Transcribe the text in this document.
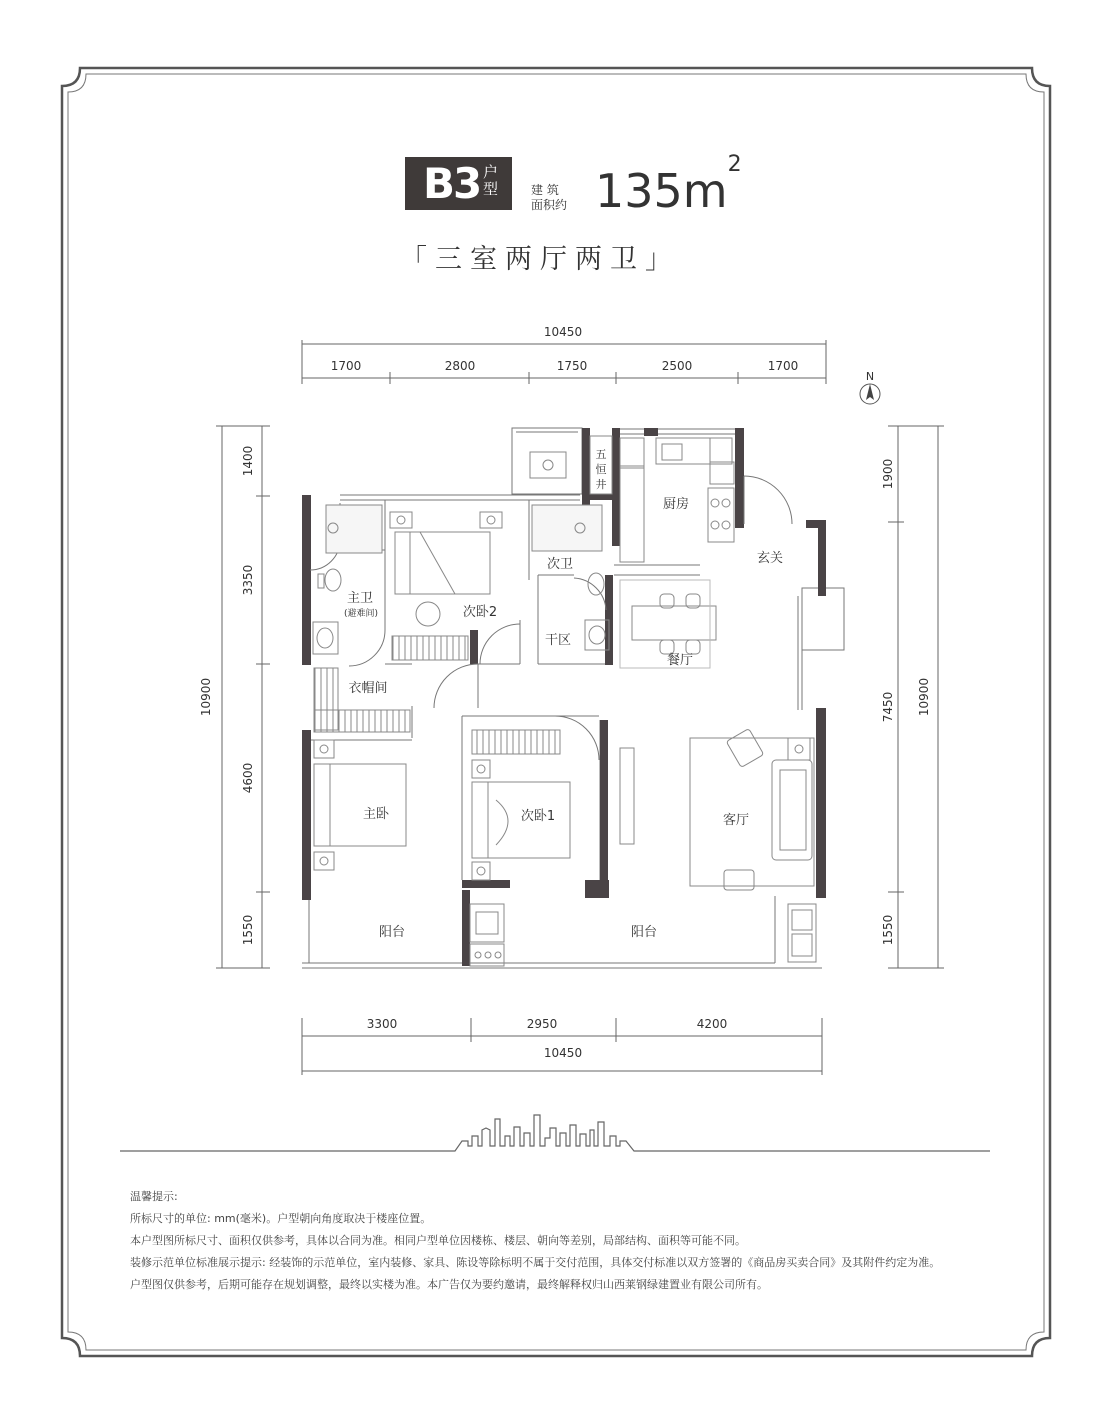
B3 户型	建 筑
面积约 $135m^2$
「三室两厅两卫」
10450
1700	2800	1750	2500	1700
3300	2950	4200
10450
1400
3350
4600
1550
10900
1900
7450
1550
10900
N
厨房
玄关
餐厅
客厅
主卫
(避难间)
次卫
次卧2
干区
衣帽间
主卧	次卧1
阳台	阳台
五
恒
井
温馨提示:
所标尺寸的单位: mm(毫米)。户型朝向角度取决于楼座位置。
本户型图所标尺寸、面积仅供参考，具体以合同为准。相同户型单位因楼栋、楼层、朝向等差别，局部结构、面积等可能不同。
装修示范单位标准展示提示: 经装饰的示范单位，室内装修、家具、陈设等除标明不属于交付范围，具体交付标准以双方签署的《商品房买卖合同》及其附件约定为准。
户型图仅供参考，后期可能存在规划调整，最终以实楼为准。本广告仅为要约邀请，最终解释权归山西莱钢绿建置业有限公司所有。
